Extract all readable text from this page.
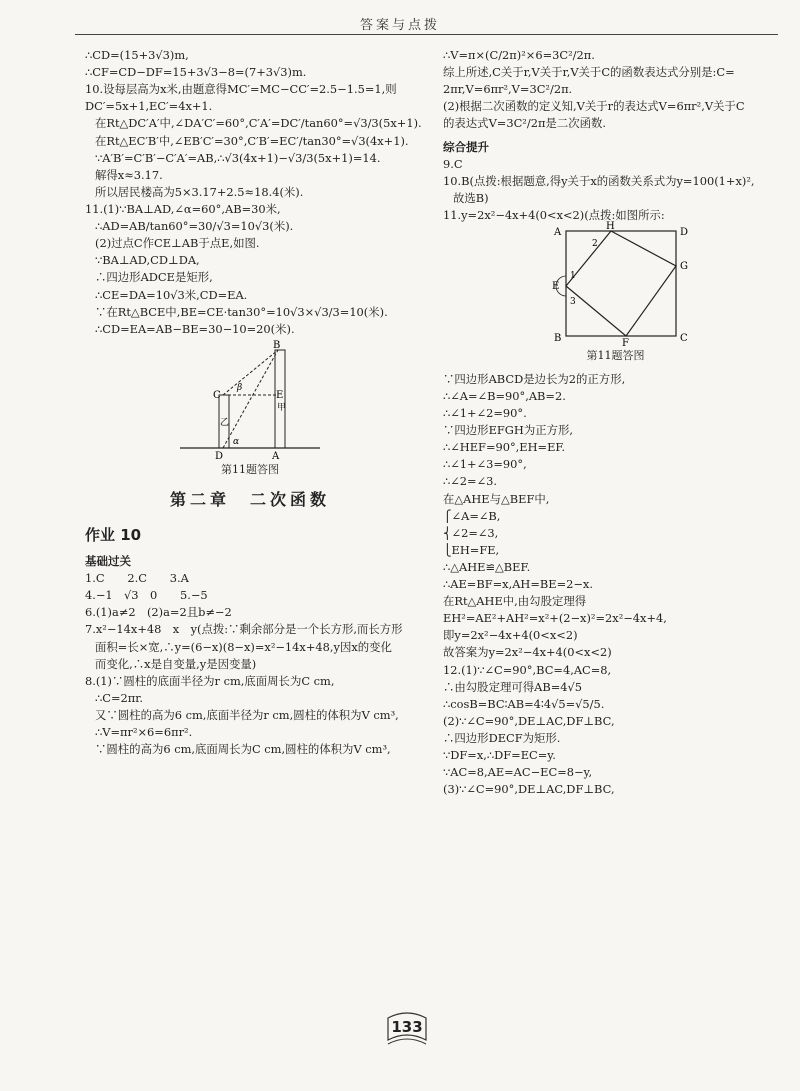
答案与点拨
∴CD=(15+3√3)m,
∴CF=CD−DF=15+3√3−8=(7+3√3)m.
10.设每层高为x米,由题意得MC′=MC−CC′=2.5−1.5=1,则
DC′=5x+1,EC′=4x+1.
在Rt△DC′A′中,∠DA′C′=60°,C′A′=DC′/tan60°=√3/3(5x+1).
在Rt△EC′B′中,∠EB′C′=30°,C′B′=EC′/tan30°=√3(4x+1).
∵A′B′=C′B′−C′A′=AB,∴√3(4x+1)−√3/3(5x+1)=14.
解得x≈3.17.
所以居民楼高为5×3.17+2.5≈18.4(米).
11.(1)∵BA⊥AD,∠α=60°,AB=30米,
∴AD=AB/tan60°=30/√3=10√3(米).
(2)过点C作CE⊥AB于点E,如图.
∵BA⊥AD,CD⊥DA,
∴四边形ADCE是矩形,
∴CE=DA=10√3米,CD=EA.
∵在Rt△BCE中,BE=CE·tan30°=10√3×√3/3=10(米).
∴CD=EA=AB−BE=30−10=20(米).
B
C	E
D	A
甲
乙
α
β
第11题答图
第二章　二次函数
作业 10
基础过关
1.C　　2.C　　3.A
4.−1　√3　0　　5.−5
6.(1)a≠2　(2)a=2且b≠−2
7.x²−14x+48　x　y(点拨:∵剩余部分是一个长方形,而长方形
面积=长×宽,∴y=(6−x)(8−x)=x²−14x+48,y因x的变化
而变化,∴x是自变量,y是因变量)
8.(1)∵圆柱的底面半径为r cm,底面周长为C cm,
∴C=2πr.
又∵圆柱的高为6 cm,底面半径为r cm,圆柱的体积为V cm³,
∴V=πr²×6=6πr².
∵圆柱的高为6 cm,底面周长为C cm,圆柱的体积为V cm³,
∴V=π×(C/2π)²×6=3C²/2π.
综上所述,C关于r,V关于r,V关于C的函数表达式分别是:C=
2πr,V=6πr²,V=3C²/2π.
(2)根据二次函数的定义知,V关于r的表达式V=6πr²,V关于C
的表达式V=3C²/2π是二次函数.
综合提升
9.C
10.B(点拨:根据题意,得y关于x的函数关系式为y=100(1+x)²,
故选B)
11.y=2x²−4x+4(0<x<2)(点拨:如图所示:
A
H
D
G
E
B	F	C
1
2
3
第11题答图
∵四边形ABCD是边长为2的正方形,
∴∠A=∠B=90°,AB=2.
∴∠1+∠2=90°.
∵四边形EFGH为正方形,
∴∠HEF=90°,EH=EF.
∴∠1+∠3=90°,
∴∠2=∠3.
在△AHE与△BEF中,
⎧∠A=∠B,
⎨∠2=∠3,
⎩EH=FE,
∴△AHE≌△BEF.
∴AE=BF=x,AH=BE=2−x.
在Rt△AHE中,由勾股定理得
EH²=AE²+AH²=x²+(2−x)²=2x²−4x+4,
即y=2x²−4x+4(0<x<2)
故答案为y=2x²−4x+4(0<x<2)
12.(1)∵∠C=90°,BC=4,AC=8,
∴由勾股定理可得AB=4√5
∴cosB=BC∶AB=4∶4√5=√5/5.
(2)∵∠C=90°,DE⊥AC,DF⊥BC,
∴四边形DECF为矩形.
∵DF=x,∴DF=EC=y.
∵AC=8,AE=AC−EC=8−y,
(3)∵∠C=90°,DE⊥AC,DF⊥BC,
133
